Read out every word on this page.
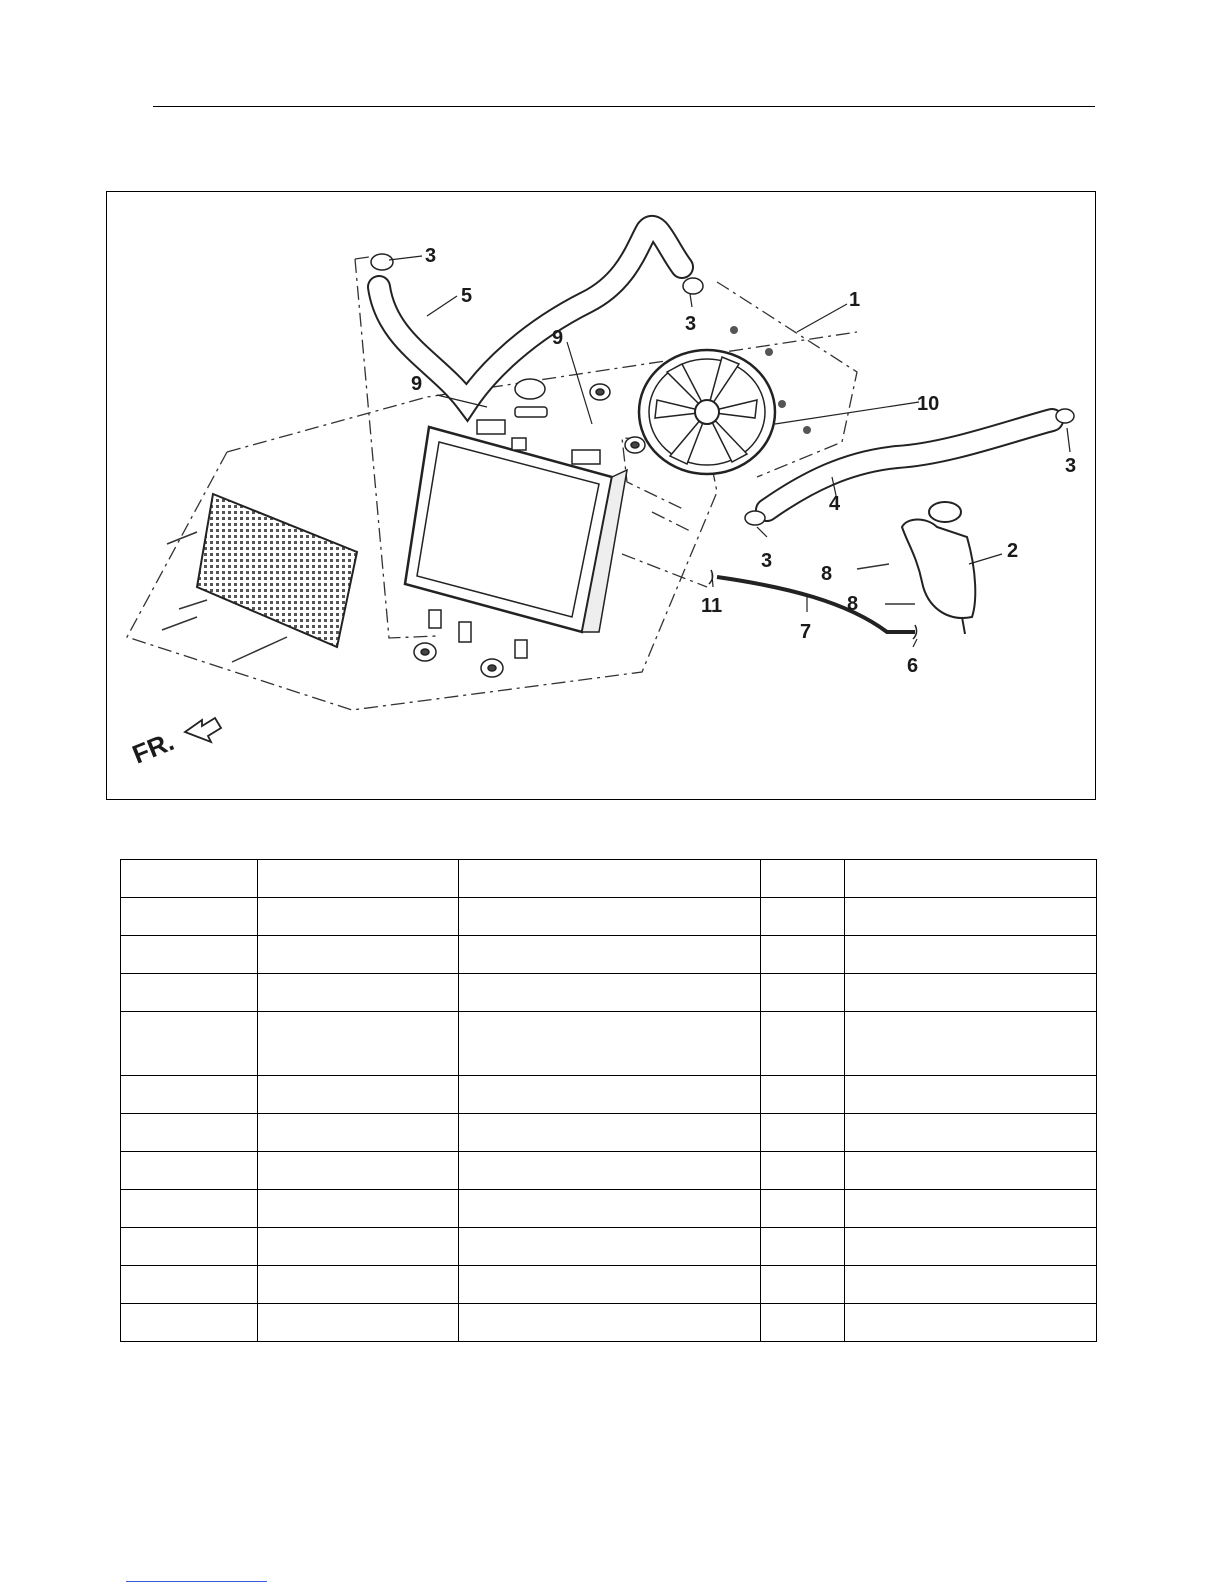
3
5
3
1
9
9
10
3
4
2
8
8
3
11
7
6
FR.
